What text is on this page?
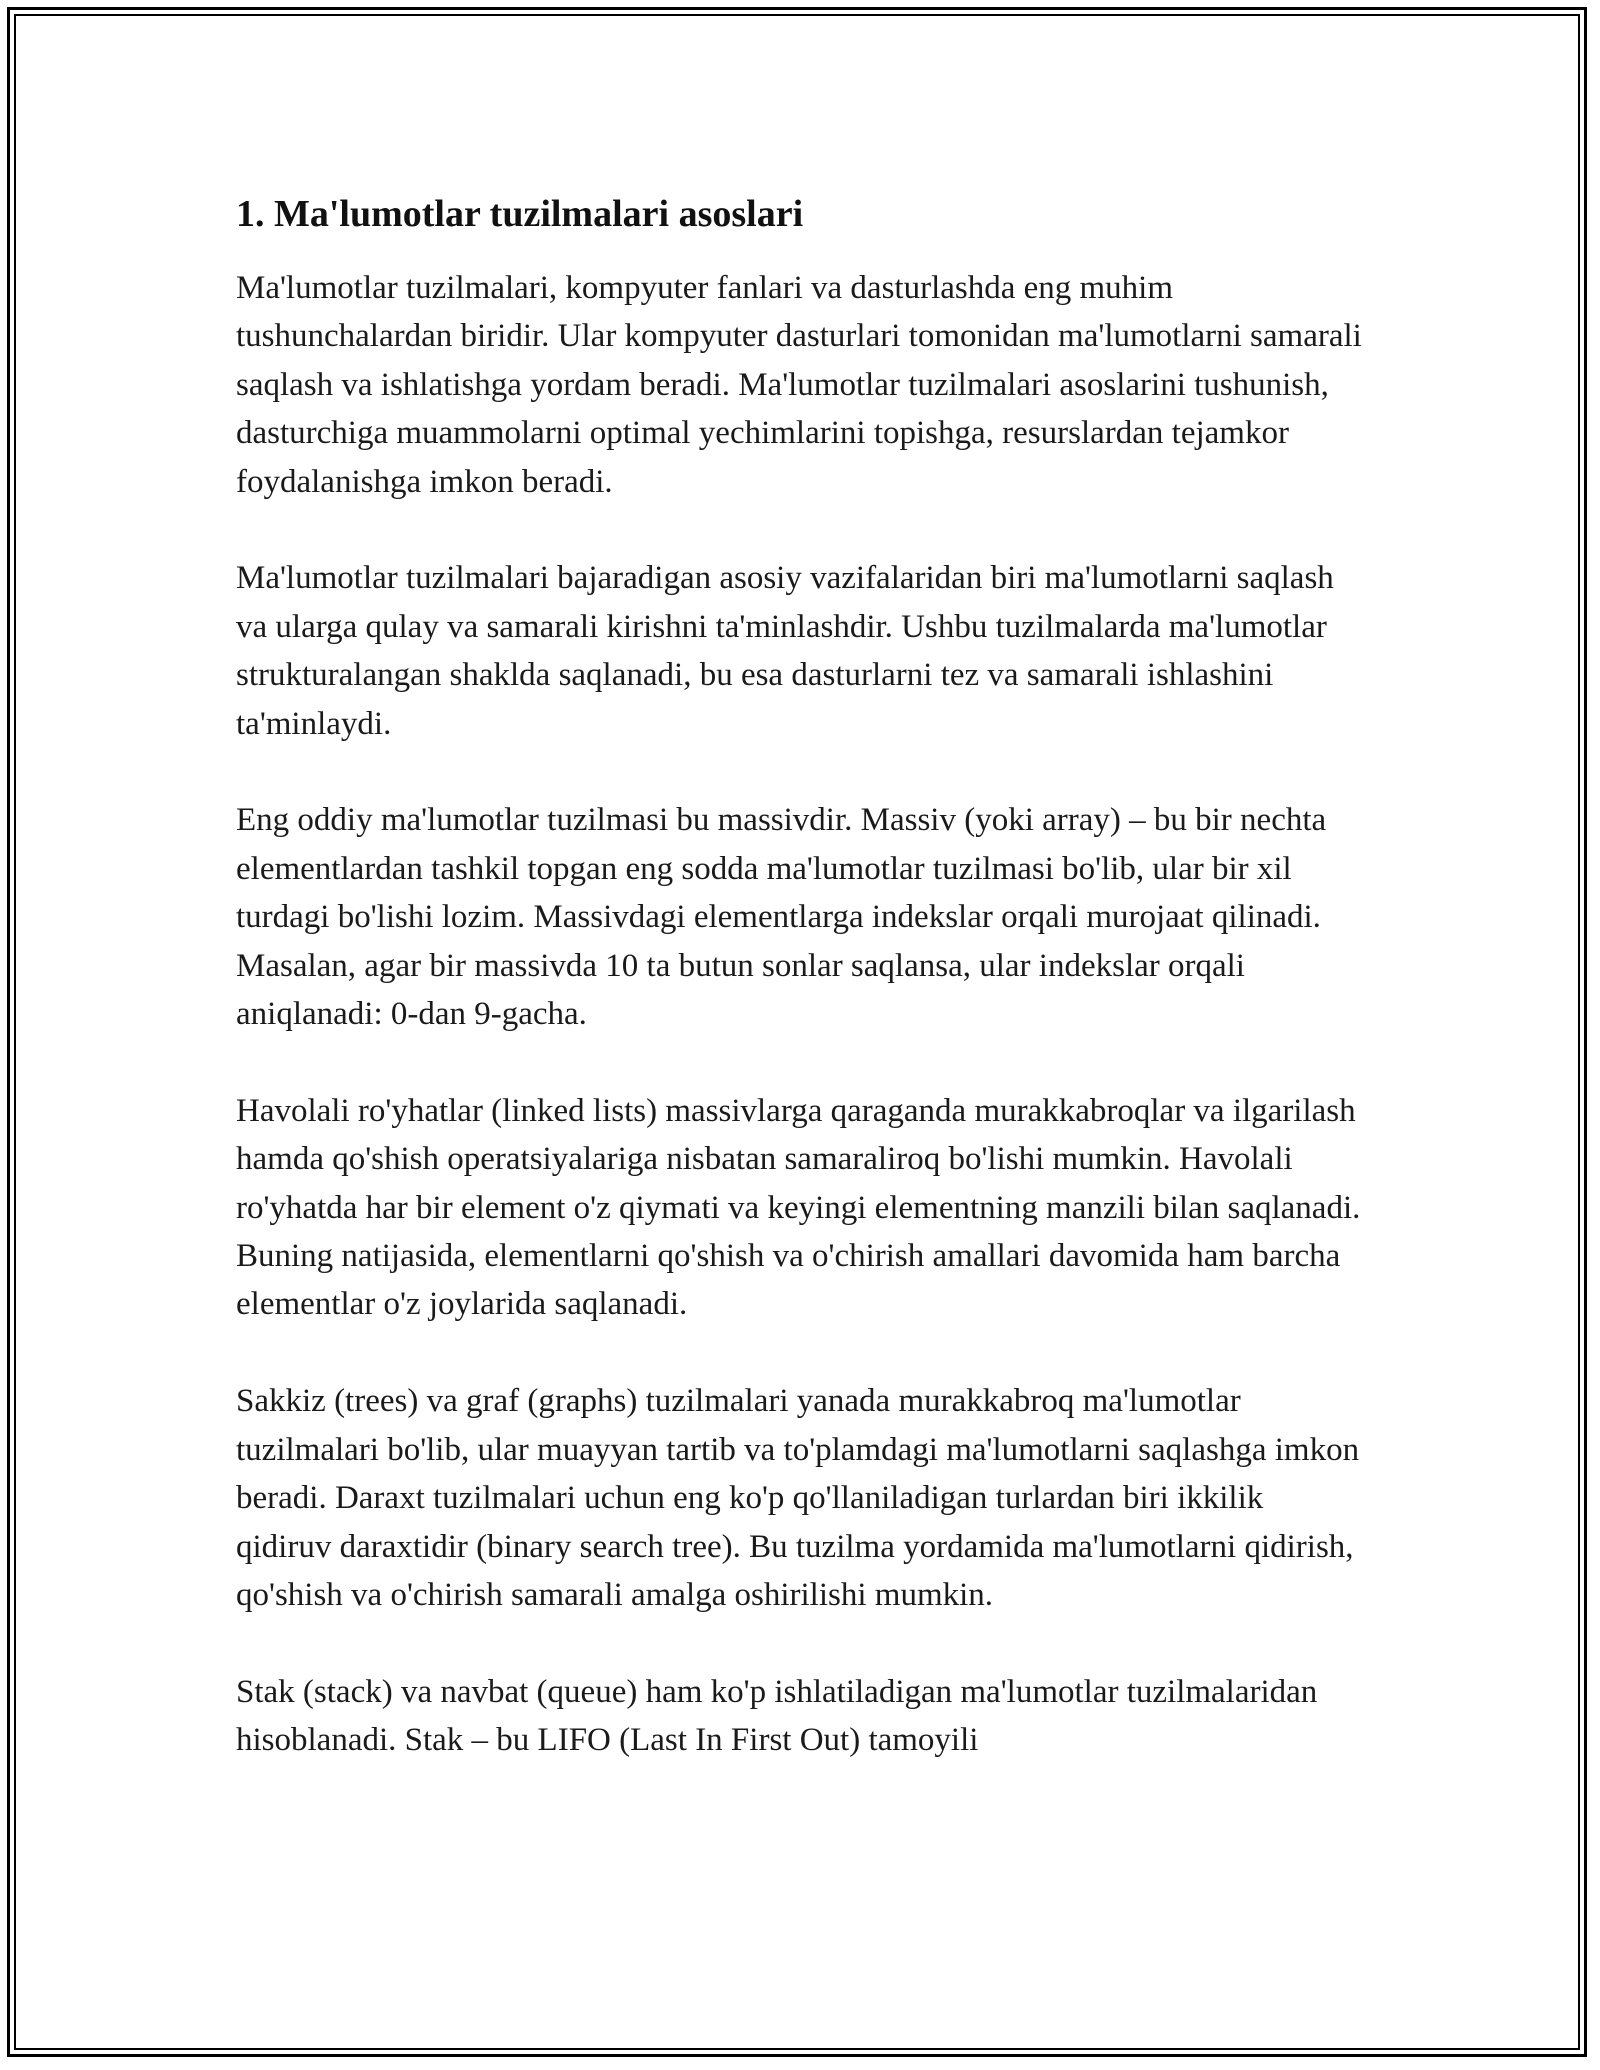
1. Ma'lumotlar tuzilmalari asoslari

Ma'lumotlar tuzilmalari, kompyuter fanlari va dasturlashda eng muhim tushunchalardan biridir. Ular kompyuter dasturlari tomonidan ma'lumotlarni samarali saqlash va ishlatishga yordam beradi. Ma'lumotlar tuzilmalari asoslarini tushunish, dasturchiga muammolarni optimal yechimlarini topishga, resurslardan tejamkor foydalanishga imkon beradi.

Ma'lumotlar tuzilmalari bajaradigan asosiy vazifalaridan biri ma'lumotlarni saqlash va ularga qulay va samarali kirishni ta'minlashdir. Ushbu tuzilmalarda ma'lumotlar strukturalangan shaklda saqlanadi, bu esa dasturlarni tez va samarali ishlashini ta'minlaydi.

Eng oddiy ma'lumotlar tuzilmasi bu massivdir. Massiv (yoki array) – bu bir nechta elementlardan tashkil topgan eng sodda ma'lumotlar tuzilmasi bo'lib, ular bir xil turdagi bo'lishi lozim. Massivdagi elementlarga indekslar orqali murojaat qilinadi. Masalan, agar bir massivda 10 ta butun sonlar saqlansa, ular indekslar orqali aniqlanadi: 0-dan 9-gacha.

Havolali ro'yhatlar (linked lists) massivlarga qaraganda murakkabroqlar va ilgarilash hamda qo'shish operatsiyalariga nisbatan samaraliroq bo'lishi mumkin. Havolali ro'yhatda har bir element o'z qiymati va keyingi elementning manzili bilan saqlanadi. Buning natijasida, elementlarni qo'shish va o'chirish amallari davomida ham barcha elementlar o'z joylarida saqlanadi.

Sakkiz (trees) va graf (graphs) tuzilmalari yanada murakkabroq ma'lumotlar tuzilmalari bo'lib, ular muayyan tartib va to'plamdagi ma'lumotlarni saqlashga imkon beradi. Daraxt tuzilmalari uchun eng ko'p qo'llaniladigan turlardan biri ikkilik qidiruv daraxtidir (binary search tree). Bu tuzilma yordamida ma'lumotlarni qidirish, qo'shish va o'chirish samarali amalga oshirilishi mumkin.

Stak (stack) va navbat (queue) ham ko'p ishlatiladigan ma'lumotlar tuzilmalaridan hisoblanadi. Stak – bu LIFO (Last In First Out) tamoyili
